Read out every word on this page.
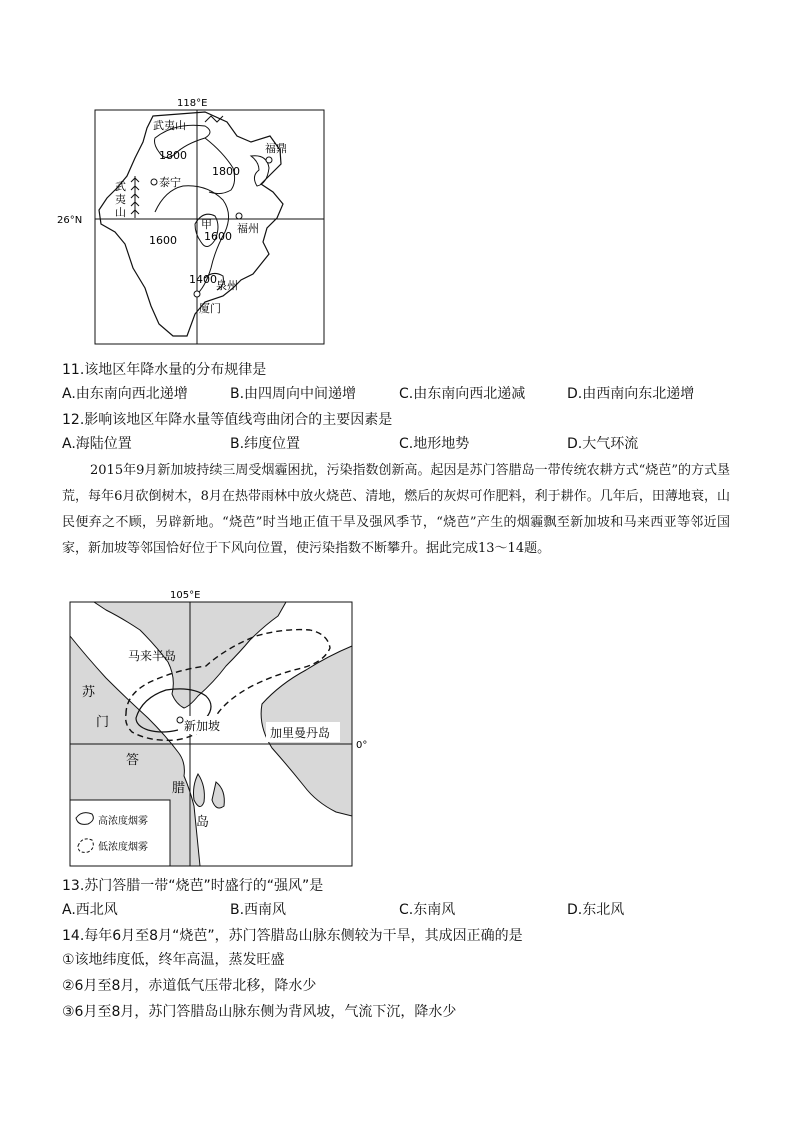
118°E
武夷山
武
夷
山
泰宁
1800
1800
福鼎
1600
甲
1600
福州
1400 泉州
厦门
26°N
11.该地区年降水量的分布规律是
A.由东南向西北递增	B.由四周向中间递增	C.由东南向西北递减	D.由西南向东北递增
12.影响该地区年降水量等值线弯曲闭合的主要因素是
A.海陆位置	B.纬度位置	C.地形地势	D.大气环流
2015年9月新加坡持续三周受烟霾困扰，污染指数创新高。起因是苏门答腊岛一带传统农耕方式“烧芭”的方式垦荒，每年6月砍倒树木，8月在热带雨林中放火烧芭、清地，燃后的灰烬可作肥料，利于耕作。几年后，田薄地衰，山民便弃之不顾，另辟新地。“烧芭”时当地正值干旱及强风季节，“烧芭”产生的烟霾飘至新加坡和马来西亚等邻近国家，新加坡等邻国恰好位于下风向位置，使污染指数不断攀升。据此完成13～14题。
105°E
新加坡
马来半岛
加里曼丹岛
0°
苏
门
答
腊
岛
高浓度烟雾
低浓度烟雾
13.苏门答腊一带“烧芭”时盛行的“强风”是
A.西北风	B.西南风	C.东南风	D.东北风
14.每年6月至8月“烧芭”，苏门答腊岛山脉东侧较为干旱，其成因正确的是
①该地纬度低，终年高温，蒸发旺盛
②6月至8月，赤道低气压带北移，降水少
③6月至8月，苏门答腊岛山脉东侧为背风坡，气流下沉，降水少
